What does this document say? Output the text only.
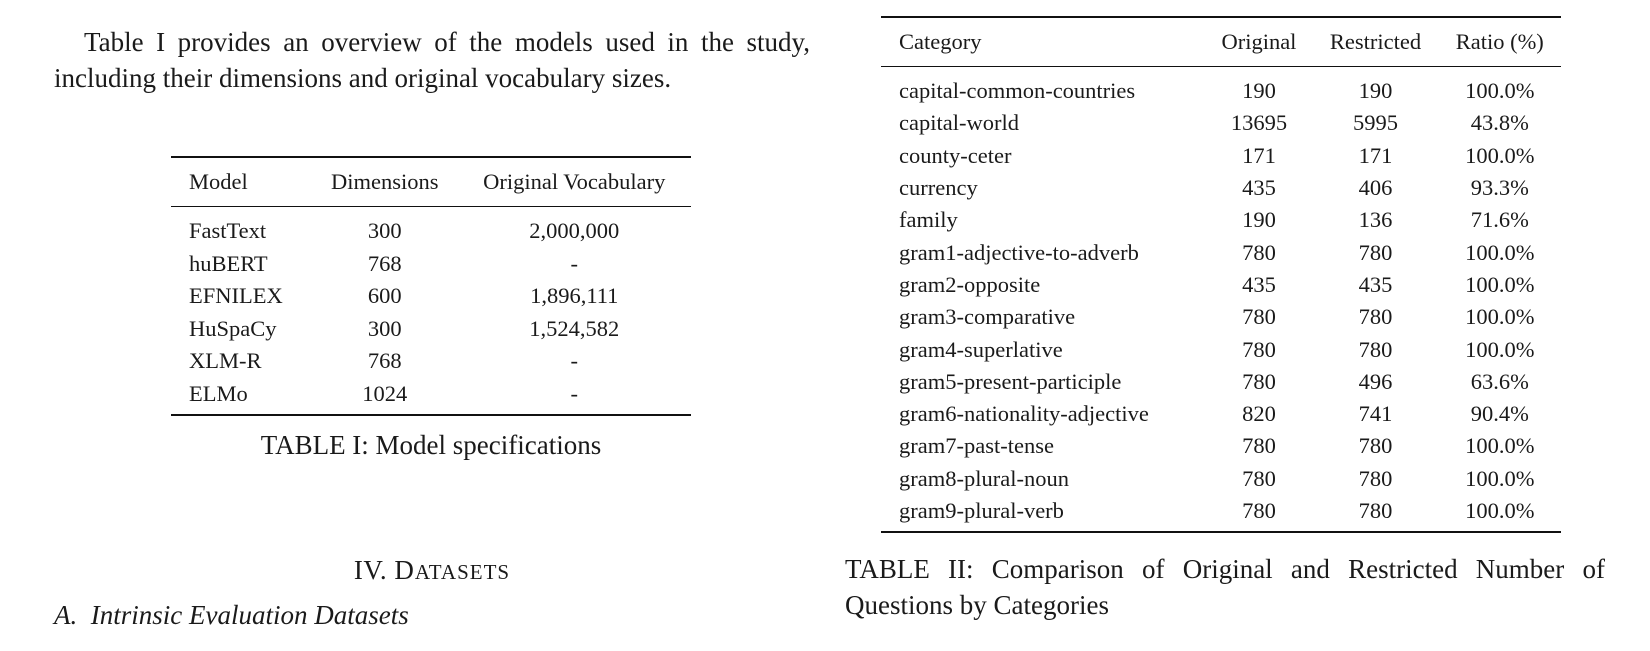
Table I provides an overview of the models used in the study, including their dimensions and original vocabulary sizes.

Model	Dimensions	Original Vocabulary
FastText	300	2,000,000
huBERT	768	-
EFNILEX	600	1,896,111
HuSpaCy	300	1,524,582
XLM-R	768	-
ELMo	1024	-
TABLE I: Model specifications
IV. DATASETS
A. Intrinsic Evaluation Datasets
Category	Original	Restricted	Ratio (%)
capital-common-countries	190	190	100.0%
capital-world	13695	5995	43.8%
county-ceter	171	171	100.0%
currency	435	406	93.3%
family	190	136	71.6%
gram1-adjective-to-adverb	780	780	100.0%
gram2-opposite	435	435	100.0%
gram3-comparative	780	780	100.0%
gram4-superlative	780	780	100.0%
gram5-present-participle	780	496	63.6%
gram6-nationality-adjective	820	741	90.4%
gram7-past-tense	780	780	100.0%
gram8-plural-noun	780	780	100.0%
gram9-plural-verb	780	780	100.0%
TABLE II: Comparison of Original and Restricted Number of Questions by Categories
